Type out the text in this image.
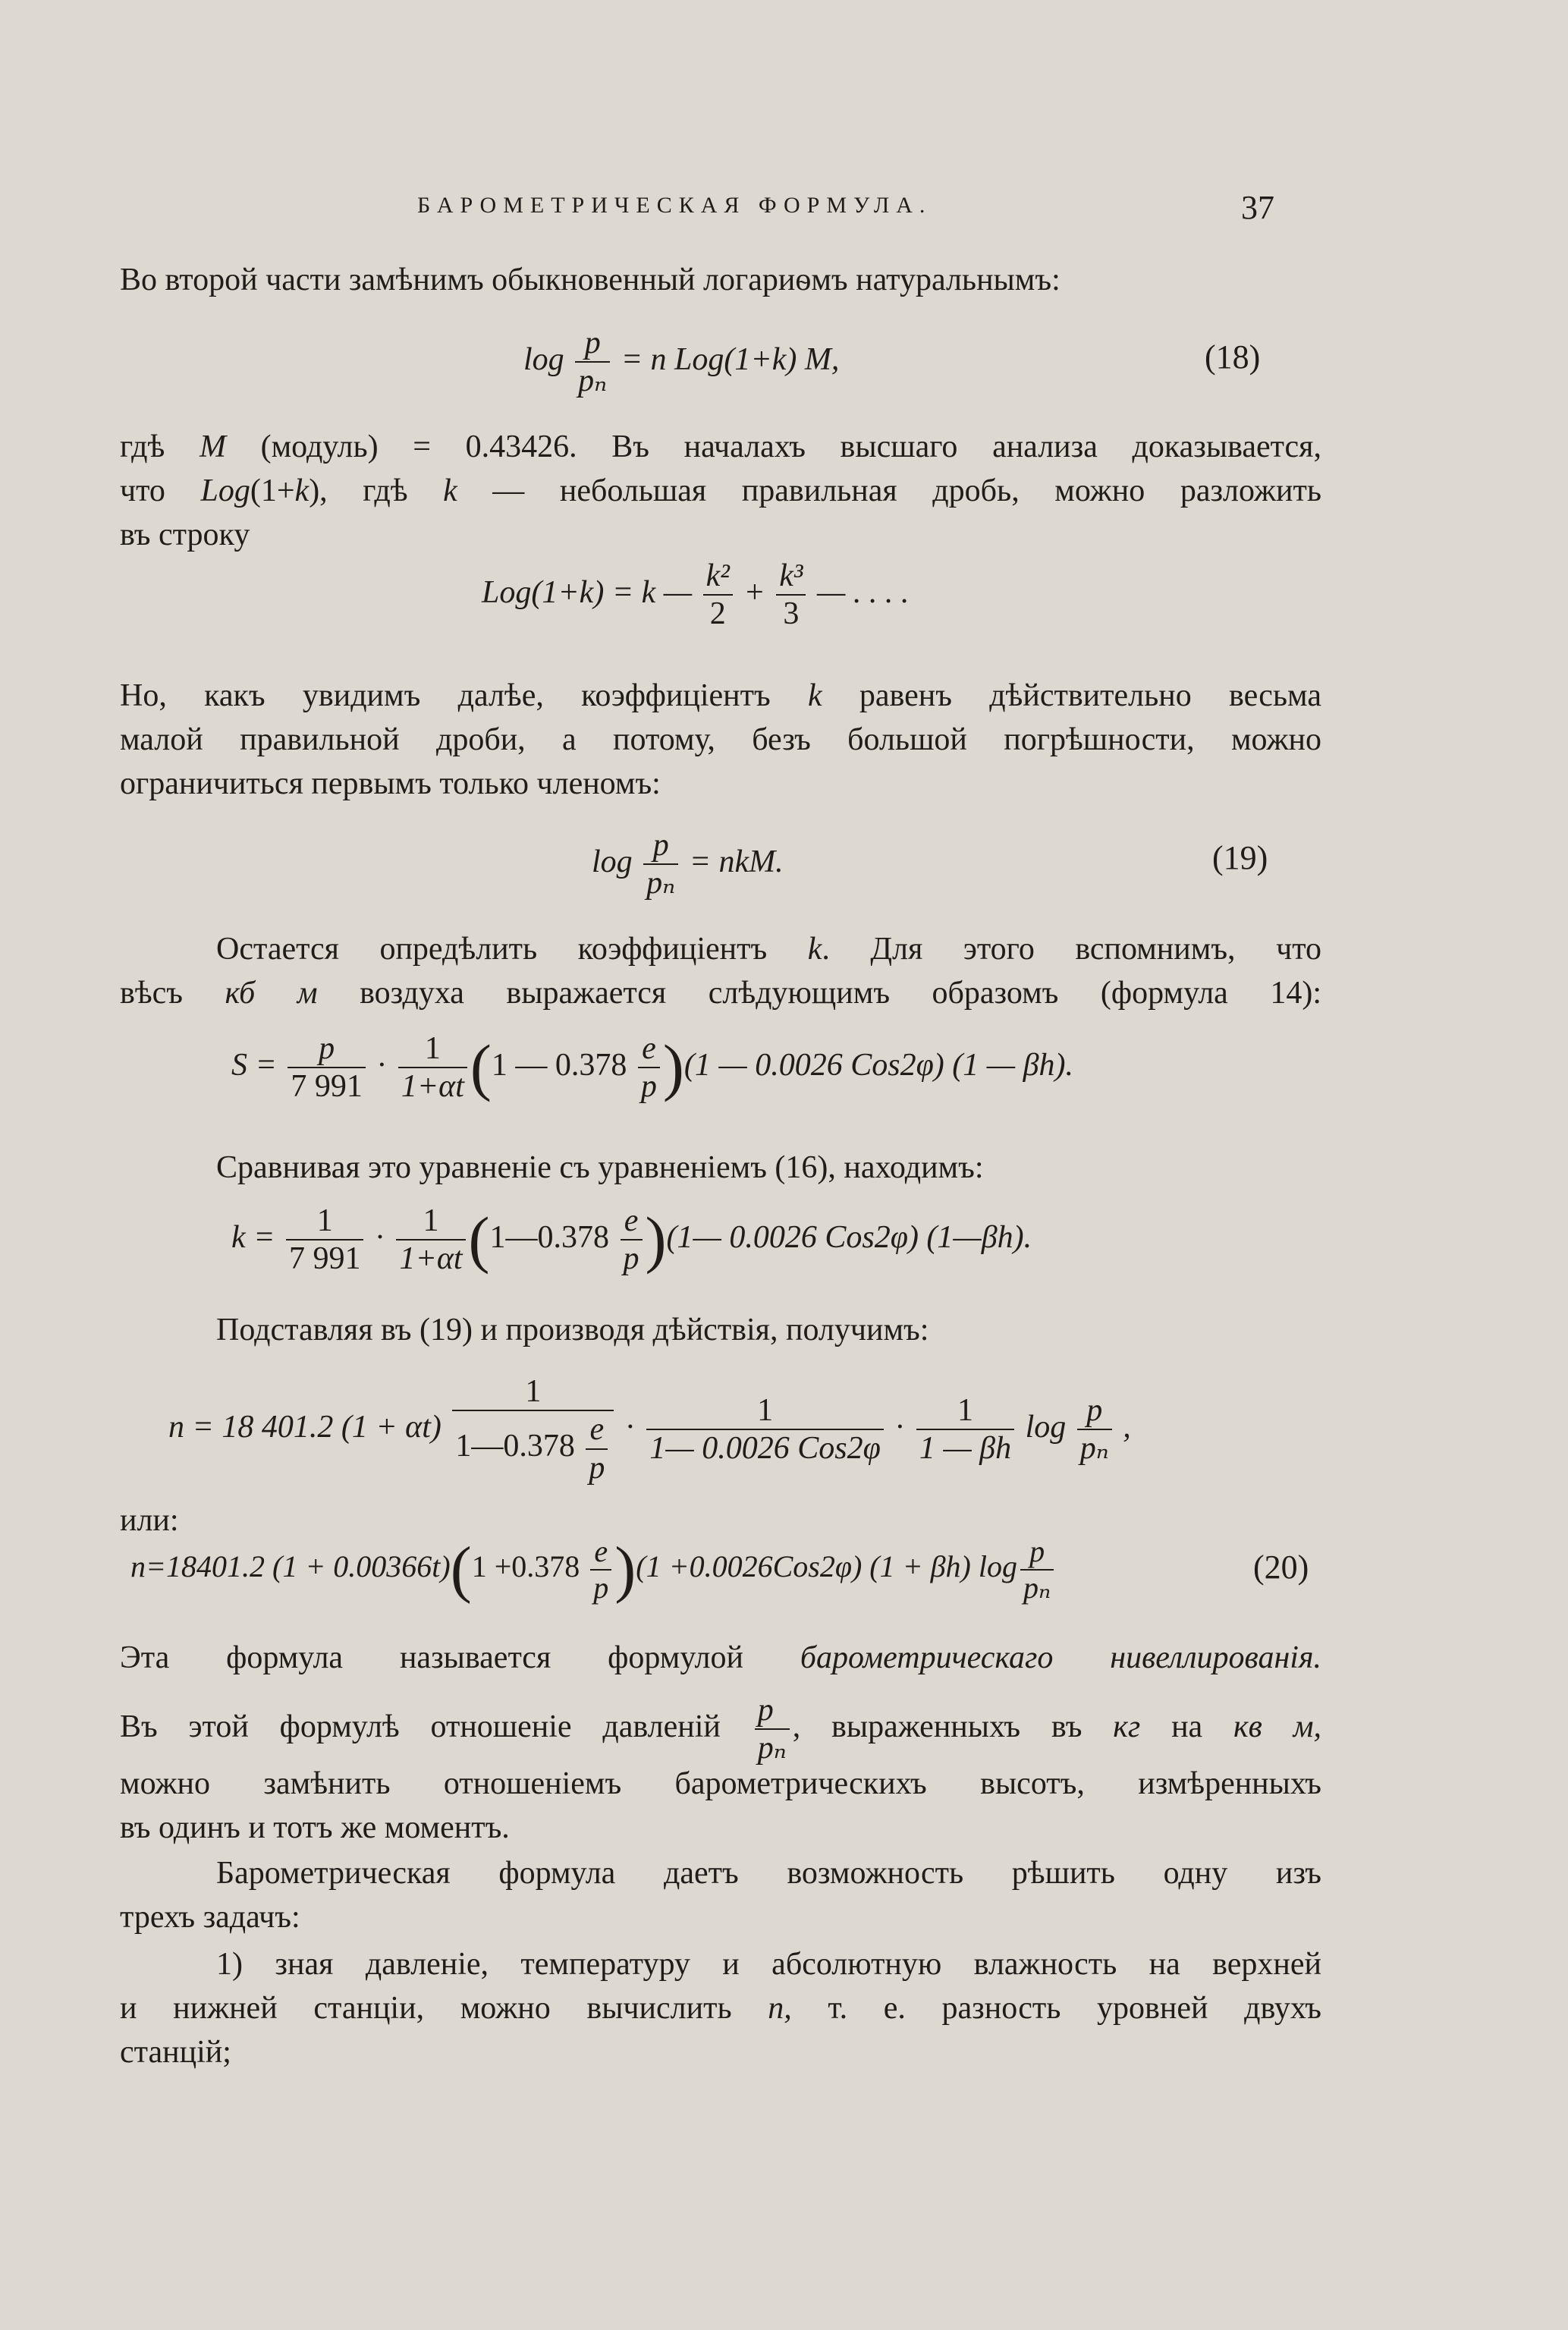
БАРОМЕТРИЧЕСКАЯ ФОРМУЛА.	37
Во второй части замѣнимъ обыкновенный логариѳмъ натуральнымъ:
$\log \frac{p}{\text{pₙ}} = n$ Log(1+k) M,	(18)
гдѣ M (модуль) = 0.43426. Въ началахъ высшаго анализа доказывается,
что Log(1+k), гдѣ k — небольшая правильная дробь, можно разложить
въ строку
Log(1+k) = k — $\frac{\text{k²}}{2} + \frac{\text{k³}}{3}$ — . . . .
Но, какъ увидимъ далѣе, коэффиціентъ k равенъ дѣйствительно весьма
малой правильной дроби, а потому, безъ большой погрѣшности, можно
ограничиться первымъ только членомъ:
$\log \frac{p}{\text{pₙ}}$ = nkM.	(19)
Остается опредѣлить коэффиціентъ k. Для этого вспомнимъ, что
вѣсъ кб м воздуха выражается слѣдующимъ образомъ (формула 14):
$S = \frac{p}{7 991} \cdot \frac{1}{1+\alpha t} (1$ — $0.378 \frac{e}{p} )(1$ — 0.0026 Cos2φ) (1 — βh).
Сравнивая это уравненіе съ уравненіемъ (16), находимъ:
$k = \frac{1}{7 991} \cdot \frac{1}{1+\alpha t}$ (1—0.378 $\frac{e}{p}$ )(1— 0.0026 Cos2φ) (1—βh).
Подставляя въ (19) и производя дѣйствія, получимъ:
n = 18 401.2 $(1 + \alpha t) \frac{1}{1—0.378 \frac{e}{p}} \cdot \frac{1}{\text{1— 0.0026 Cos2φ}} \cdot \frac{1}{1 — \beta h}$ $\log \frac{p}{\text{pₙ}}$ ,
или:
n=18401.2 $(1 + 0.00366t)(1 +0.378 \frac{e}{p} )(1 +0.0026Cos2\varphi)$ (1 + βh) $\log \frac{p}{\text{pₙ}}$	(20)
Эта формула называется формулой барометрическаго нивеллированія.
Въ этой формулѣ отношеніе давленій $\frac{p}{\text{pₙ}}$ , выраженныхъ въ кг на кв м,
можно замѣнить отношеніемъ барометрическихъ высотъ, измѣренныхъ
въ одинъ и тотъ же моментъ.
Барометрическая формула даетъ возможность рѣшить одну изъ
трехъ задачъ:
1) зная давленіе, температуру и абсолютную влажность на верхней
и нижней станціи, можно вычислить n, т. е. разность уровней двухъ
станцій;
